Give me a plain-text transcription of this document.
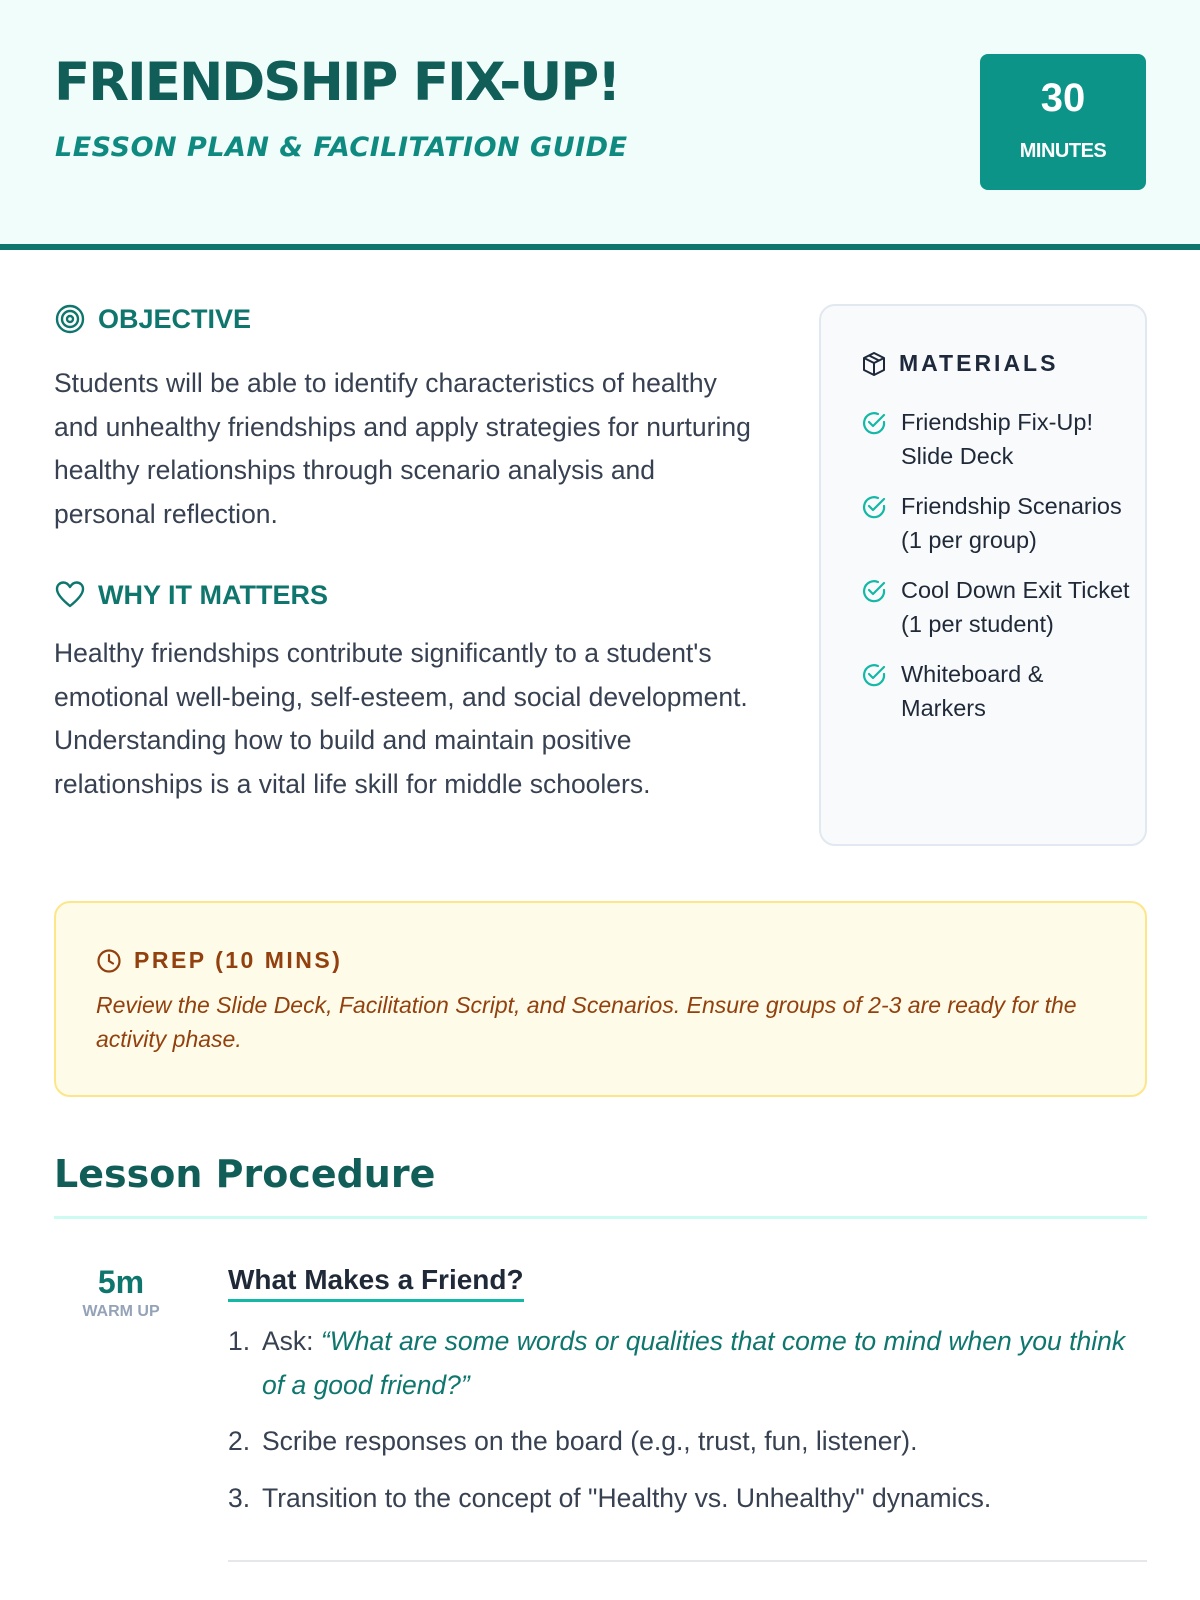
FRIENDSHIP FIX-UP!
LESSON PLAN & FACILITATION GUIDE
30
MINUTES
OBJECTIVE
Students will be able to identify characteristics of healthy and unhealthy friendships and apply strategies for nurturing healthy relationships through scenario analysis and personal reflection.
WHY IT MATTERS
Healthy friendships contribute significantly to a student's emotional well-being, self-esteem, and social development. Understanding how to build and maintain positive relationships is a vital life skill for middle schoolers.
MATERIALS
Friendship Fix-Up! Slide Deck
Friendship Scenarios (1 per group)
Cool Down Exit Ticket (1 per student)
Whiteboard & Markers
PREP (10 MINS)
Review the Slide Deck, Facilitation Script, and Scenarios. Ensure groups of 2-3 are ready for the activity phase.
Lesson Procedure
5m
WARM UP
What Makes a Friend?
1. Ask: “What are some words or qualities that come to mind when you think of a good friend?”
2. Scribe responses on the board (e.g., trust, fun, listener).
3. Transition to the concept of "Healthy vs. Unhealthy" dynamics.
